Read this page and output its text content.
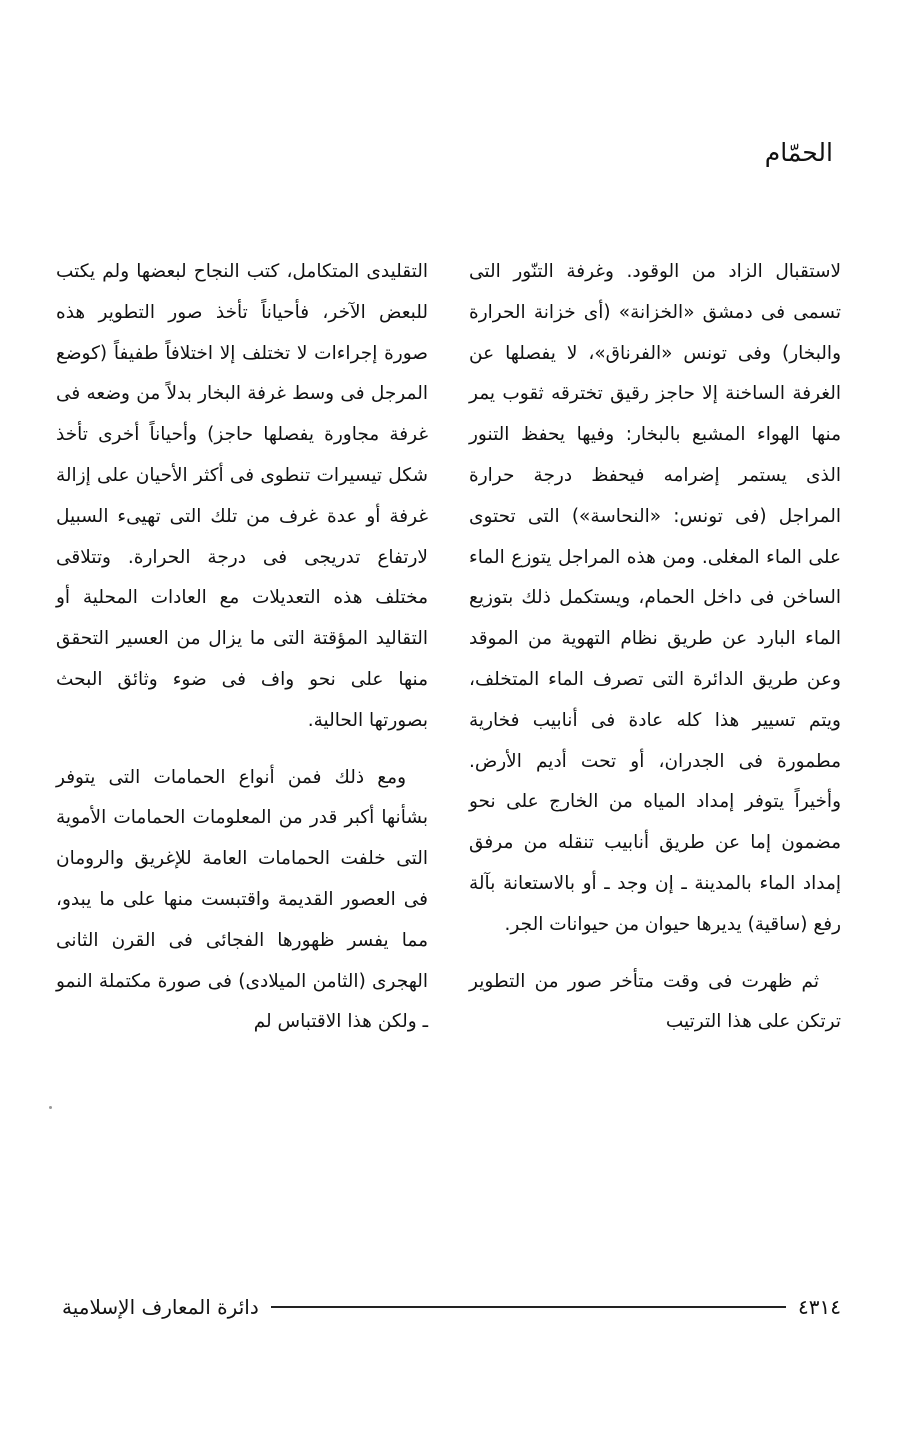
الحمّام

لاستقبال الزاد من الوقود. وغرفة التنّور التى تسمى فى دمشق «الخزانة» (أى خزانة الحرارة والبخار) وفى تونس «الفرناق»، لا يفصلها عن الغرفة الساخنة إلا حاجز رقيق تخترقه ثقوب يمر منها الهواء المشبع بالبخار: وفيها يحفظ التنور الذى يستمر إضرامه فيحفظ درجة حرارة المراجل (فى تونس: «النحاسة») التى تحتوى على الماء المغلى. ومن هذه المراجل يتوزع الماء الساخن فى داخل الحمام، ويستكمل ذلك بتوزيع الماء البارد عن طريق نظام التهوية من الموقد وعن طريق الدائرة التى تصرف الماء المتخلف، ويتم تسيير هذا كله عادة فى أنابيب فخارية مطمورة فى الجدران، أو تحت أديم الأرض. وأخيراً يتوفر إمداد المياه من الخارج على نحو مضمون إما عن طريق أنابيب تنقله من مرفق إمداد الماء بالمدينة ـ إن وجد ـ أو بالاستعانة بآلة رفع (ساقية) يديرها حيوان من حيوانات الجر.

ثم ظهرت فى وقت متأخر صور من التطوير ترتكن على هذا الترتيب

التقليدى المتكامل، كتب النجاح لبعضها ولم يكتب للبعض الآخر، فأحياناً تأخذ صور التطوير هذه صورة إجراءات لا تختلف إلا اختلافاً طفيفاً (كوضع المرجل فى وسط غرفة البخار بدلاً من وضعه فى غرفة مجاورة يفصلها حاجز) وأحياناً أخرى تأخذ شكل تيسيرات تنطوى فى أكثر الأحيان على إزالة غرفة أو عدة غرف من تلك التى تهيىء السبيل لارتفاع تدريجى فى درجة الحرارة. وتتلاقى مختلف هذه التعديلات مع العادات المحلية أو التقاليد المؤقتة التى ما يزال من العسير التحقق منها على نحو واف فى ضوء وثائق البحث بصورتها الحالية.

ومع ذلك فمن أنواع الحمامات التى يتوفر بشأنها أكبر قدر من المعلومات الحمامات الأموية التى خلفت الحمامات العامة للإغريق والرومان فى العصور القديمة واقتبست منها على ما يبدو، مما يفسر ظهورها الفجائى فى القرن الثانى الهجرى (الثامن الميلادى) فى صورة مكتملة النمو ـ ولكن هذا الاقتباس لم

دائرة المعارف الإسلامية	٤٣١٤
